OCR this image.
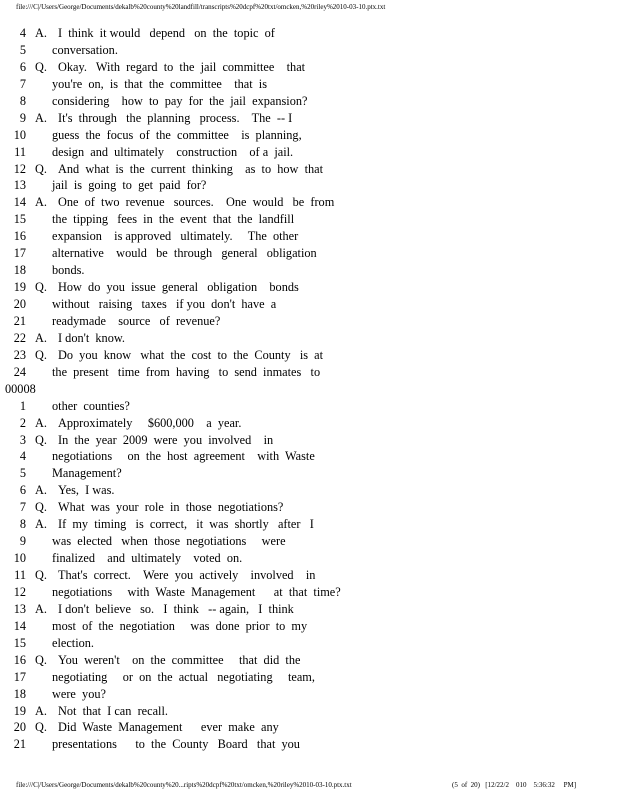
file:///C|/Users/George/Documents/dekalb%20county%20landfill/transcripts%20dcpf%20txt/omcken,%20riley%2010-03-10.ptx.txt
4 A. I  think  it would   depend   on  the  topic  of
5 conversation.
6 Q. Okay.   With  regard  to  the  jail  committee    that
7 you're  on,  is  that  the  committee    that  is
8 considering    how  to  pay  for  the  jail  expansion?
9 A. It's  through   the  planning   process.    The  -- I
10 guess  the  focus  of  the  committee    is  planning,
11 design  and  ultimately    construction    of a  jail.
12 Q. And  what  is  the  current  thinking    as  to  how  that
13 jail  is  going  to  get  paid  for?
14 A. One  of  two  revenue   sources.    One  would   be  from
15 the  tipping   fees  in  the  event  that  the  landfill
16 expansion    is approved   ultimately.     The  other
17 alternative    would   be  through   general   obligation
18 bonds.
19 Q. How  do  you  issue  general   obligation    bonds
20 without   raising   taxes   if you  don't  have  a
21 readymade    source   of  revenue?
22 A. I don't  know.
23 Q. Do  you  know   what  the  cost  to  the  County   is  at
24 the  present   time  from  having   to  send  inmates   to
00008
1 other  counties?
2 A. Approximately     $600,000    a  year.
3 Q. In  the  year  2009  were  you  involved    in
4 negotiations     on  the  host  agreement    with  Waste
5 Management?
6 A. Yes,  I was.
7 Q. What  was  your  role  in  those  negotiations?
8 A. If  my  timing   is  correct,   it  was  shortly   after   I
9 was  elected   when  those  negotiations     were
10 finalized    and  ultimately    voted  on.
11 Q. That's  correct.    Were  you  actively    involved    in
12 negotiations     with  Waste  Management      at  that  time?
13 A. I don't  believe   so.   I  think   -- again,   I  think
14 most  of  the  negotiation     was  done  prior  to  my
15 election.
16 Q. You  weren't    on  the  committee     that  did  the
17 negotiating     or  on  the  actual   negotiating     team,
18 were  you?
19 A. Not  that  I can  recall.
20 Q. Did  Waste  Management      ever  make  any
21 presentations      to  the  County   Board   that  you
file:///C|/Users/George/Documents/dekalb%20county%20...ripts%20dcpf%20txt/omcken,%20riley%2010-03-10.ptx.txt	(5  of  20)   [12/22/2    010    5:36:32     PM]
